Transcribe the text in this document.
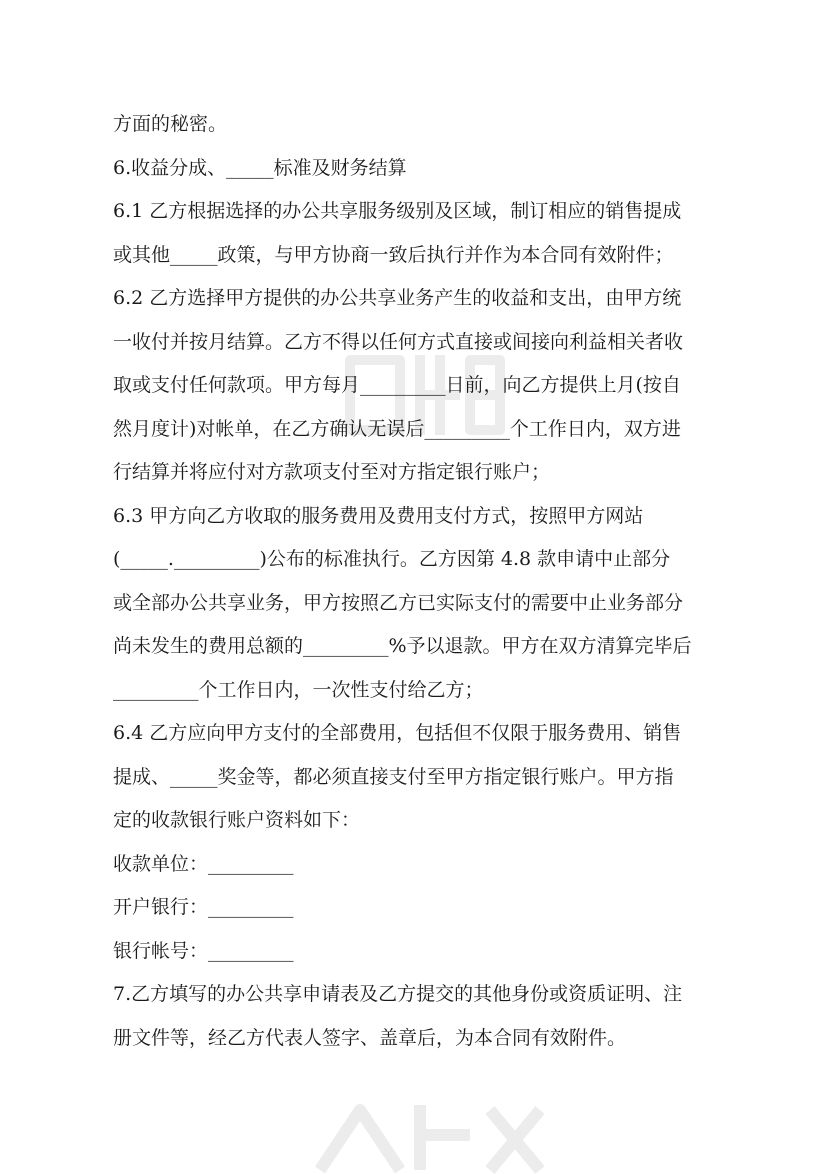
方面的秘密。

6.收益分成、_____标准及财务结算

6.1 乙方根据选择的办公共享服务级别及区域，制订相应的销售提成

或其他_____政策，与甲方协商一致后执行并作为本合同有效附件；

6.2 乙方选择甲方提供的办公共享业务产生的收益和支出，由甲方统

一收付并按月结算。乙方不得以任何方式直接或间接向利益相关者收

取或支付任何款项。甲方每月_________日前，向乙方提供上月(按自

然月度计)对帐单，在乙方确认无误后_________个工作日内，双方进

行结算并将应付对方款项支付至对方指定银行账户；

6.3 甲方向乙方收取的服务费用及费用支付方式，按照甲方网站

(_____._________)公布的标准执行。乙方因第 4.8 款申请中止部分

或全部办公共享业务，甲方按照乙方已实际支付的需要中止业务部分

尚未发生的费用总额的_________%予以退款。甲方在双方清算完毕后

_________个工作日内，一次性支付给乙方；

6.4 乙方应向甲方支付的全部费用，包括但不仅限于服务费用、销售

提成、_____奖金等，都必须直接支付至甲方指定银行账户。甲方指

定的收款银行账户资料如下：

收款单位：_________

开户银行：_________

银行帐号：_________

7.乙方填写的办公共享申请表及乙方提交的其他身份或资质证明、注

册文件等，经乙方代表人签字、盖章后，为本合同有效附件。
